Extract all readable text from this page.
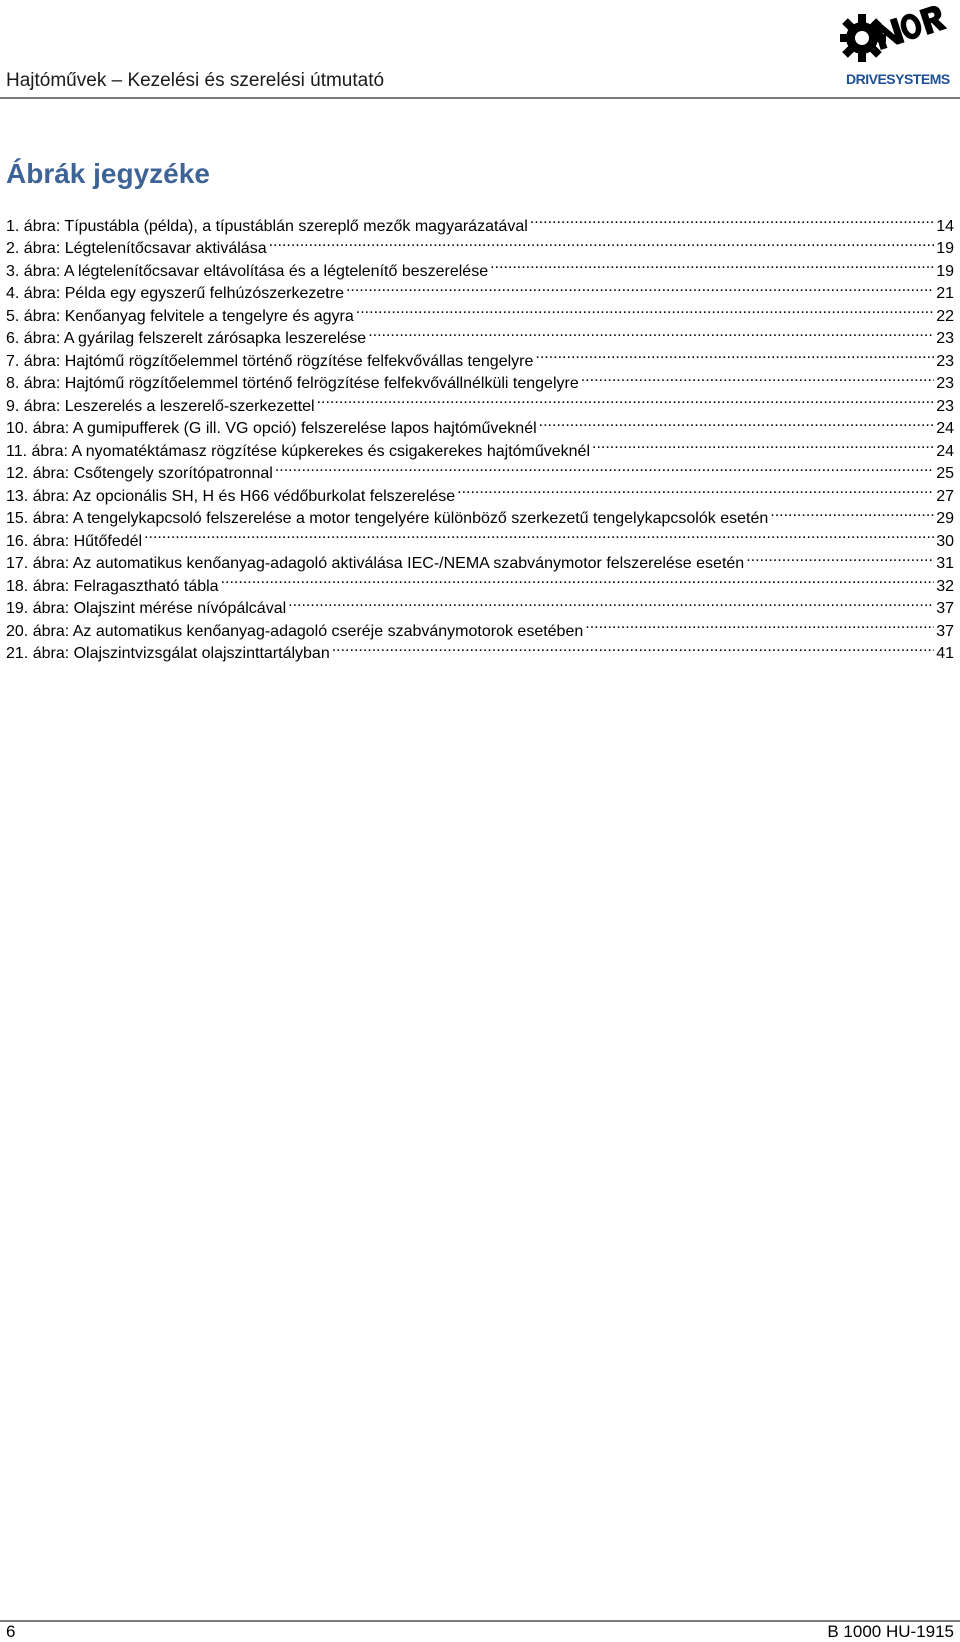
Hajtóművek – Kezelési és szerelési útmutató	DRIVESYSTEMS
Ábrák jegyzéke
1. ábra: Típustábla (példa), a típustáblán szereplő mezők magyarázatával .....	14
2. ábra: Légtelenítőcsavar aktiválása .....	19
3. ábra: A légtelenítőcsavar eltávolítása és a légtelenítő beszerelése .....	19
4. ábra: Példa egy egyszerű felhúzószerkezetre .....	21
5. ábra: Kenőanyag felvitele a tengelyre és agyra .....	22
6. ábra: A gyárilag felszerelt zárósapka leszerelése .....	23
7. ábra: Hajtómű rögzítőelemmel történő rögzítése felfekvővállas tengelyre .....	23
8. ábra: Hajtómű rögzítőelemmel történő felrögzítése felfekvővállnélküli tengelyre .....	23
9. ábra: Leszerelés a leszerelő-szerkezettel .....	23
10. ábra: A gumipufferek (G ill. VG opció) felszerelése lapos hajtóműveknél .....	24
11. ábra: A nyomatéktámasz rögzítése kúpkerekes és csigakerekes hajtóműveknél .....	24
12. ábra: Csőtengely szorítópatronnal .....	25
13. ábra: Az opcionális SH, H és H66 védőburkolat felszerelése .....	27
15. ábra: A tengelykapcsoló felszerelése a motor tengelyére különböző szerkezetű tengelykapcsolók esetén .....	29
16. ábra: Hűtőfedél .....	30
17. ábra: Az automatikus kenőanyag-adagoló aktiválása IEC-/NEMA szabványmotor felszerelése esetén .....	31
18. ábra: Felragasztható tábla .....	32
19. ábra: Olajszint mérése nívópálcával .....	37
20. ábra: Az automatikus kenőanyag-adagoló cseréje szabványmotorok esetében .....	37
21. ábra: Olajszintvizsgálat olajszinttartályban .....	41
6	B 1000 HU-1915
